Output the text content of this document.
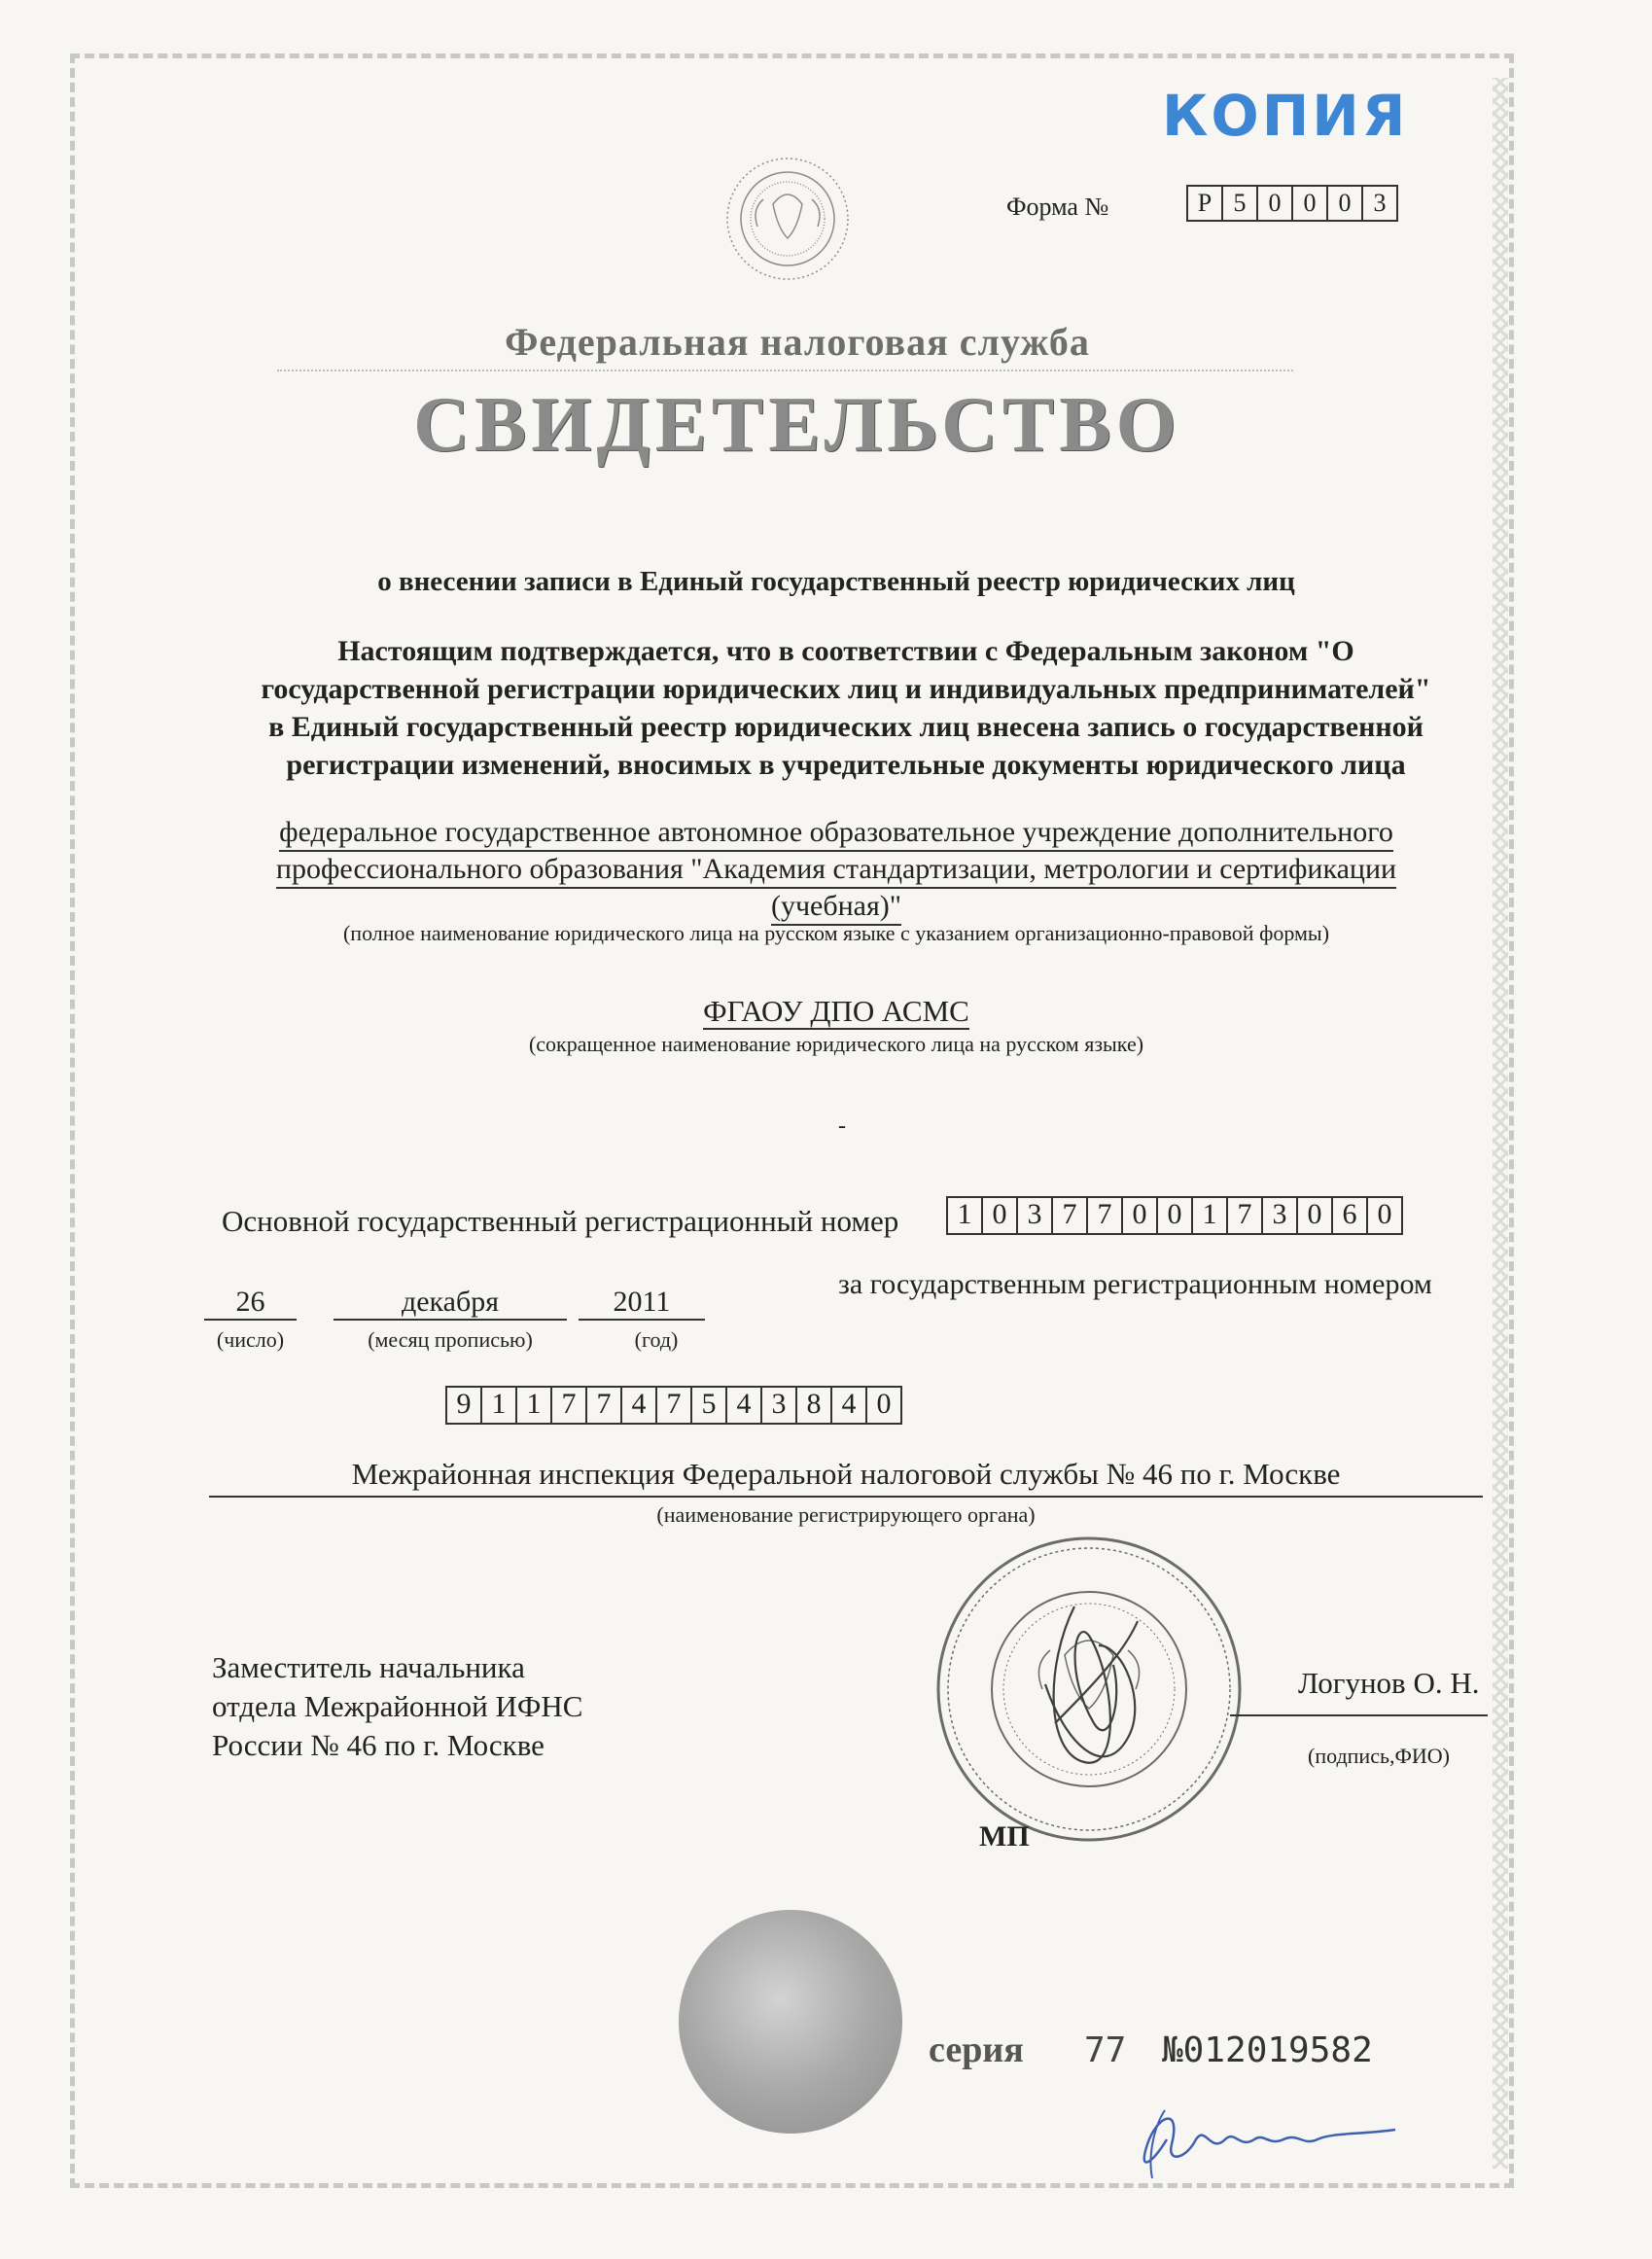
КОПИЯ
Форма №	Р 5 0 0 0 3
Федеральная налоговая служба
СВИДЕТЕЛЬСТВО
о внесении записи в Единый государственный реестр юридических лиц
Настоящим подтверждается, что в соответствии с Федеральным законом "О
государственной регистрации юридических лиц и индивидуальных предпринимателей"
в Единый государственный реестр юридических лиц внесена запись о государственной
регистрации изменений, вносимых в учредительные документы юридического лица
федеральное государственное автономное образовательное учреждение дополнительного
профессионального образования "Академия стандартизации, метрологии и сертификации
(учебная)"
(полное наименование юридического лица на русском языке с указанием организационно-правовой формы)
ФГАОУ ДПО АСМС
(сокращенное наименование юридического лица на русском языке)
-
Основной государственный регистрационный номер	1 0 3 7 7 0 0 1 7 3 0 6 0
26	декабря	2011
(число)	(месяц прописью)	(год)
за государственным регистрационным номером
9 1 1 7 7 4 7 5 4 3 8 4 0
Межрайонная инспекция Федеральной налоговой службы № 46 по г. Москве
(наименование регистрирующего органа)
Заместитель начальника
отдела Межрайонной ИФНС
России № 46 по г. Москве
Логунов О. Н.
(подпись,ФИО)
МП
серия 77 №012019582
